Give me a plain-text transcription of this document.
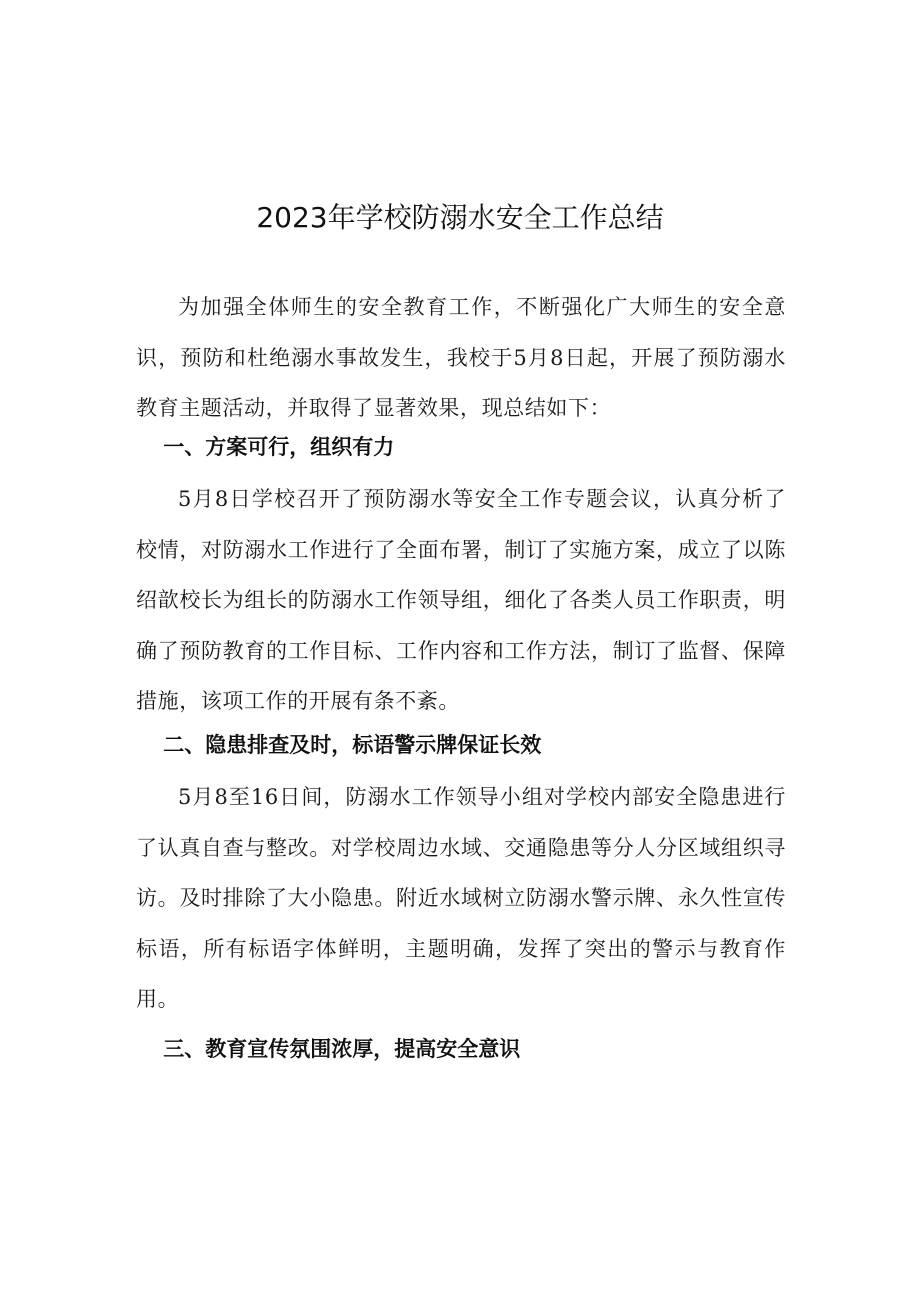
2023年学校防溺水安全工作总结

为加强全体师生的安全教育工作，不断强化广大师生的安全意识，预防和杜绝溺水事故发生，我校于5月8日起，开展了预防溺水教育主题活动，并取得了显著效果，现总结如下：

一、方案可行，组织有力

5月8日学校召开了预防溺水等安全工作专题会议，认真分析了校情，对防溺水工作进行了全面布署，制订了实施方案，成立了以陈绍歆校长为组长的防溺水工作领导组，细化了各类人员工作职责，明确了预防教育的工作目标、工作内容和工作方法，制订了监督、保障措施，该项工作的开展有条不紊。

二、隐患排查及时，标语警示牌保证长效

5月8至16日间，防溺水工作领导小组对学校内部安全隐患进行了认真自查与整改。对学校周边水域、交通隐患等分人分区域组织寻访。及时排除了大小隐患。附近水域树立防溺水警示牌、永久性宣传标语，所有标语字体鲜明，主题明确，发挥了突出的警示与教育作用。

三、教育宣传氛围浓厚，提高安全意识
